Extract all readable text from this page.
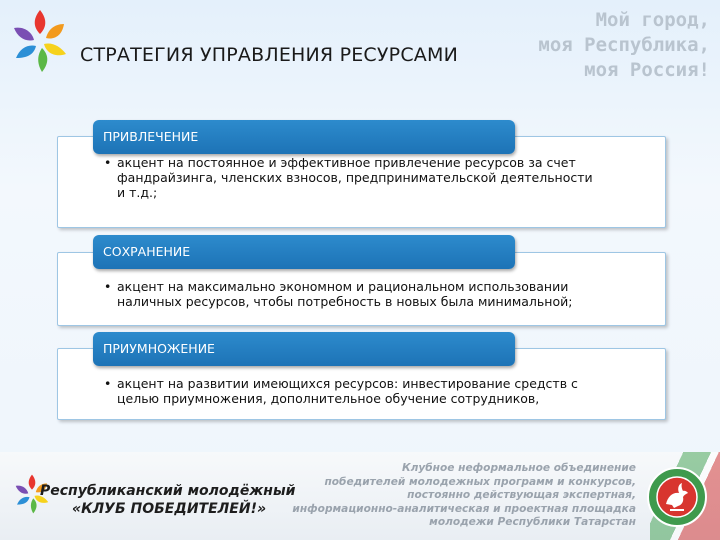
СТРАТЕГИЯ УПРАВЛЕНИЯ РЕСУРСАМИ
Мой город,
моя Республика,
моя Россия!
ПРИВЛЕЧЕНИЕ
• акцент на постоянное и эффективное привлечение ресурсов за счет
фандрайзинга, членских взносов, предпринимательской деятельности
и т.д.;
СОХРАНЕНИЕ
• акцент на максимально экономном и рациональном использовании
наличных ресурсов, чтобы потребность в новых была минимальной;
ПРИУМНОЖЕНИЕ
• акцент на развитии имеющихся ресурсов: инвестирование средств с
целью приумножения, дополнительное обучение сотрудников,
Республиканский молодёжный
«КЛУБ ПОБЕДИТЕЛЕЙ!»
Клубное неформальное объединение
победителей молодежных программ и конкурсов,
постоянно действующая экспертная,
информационно-аналитическая и проектная площадка
молодежи Республики Татарстан
